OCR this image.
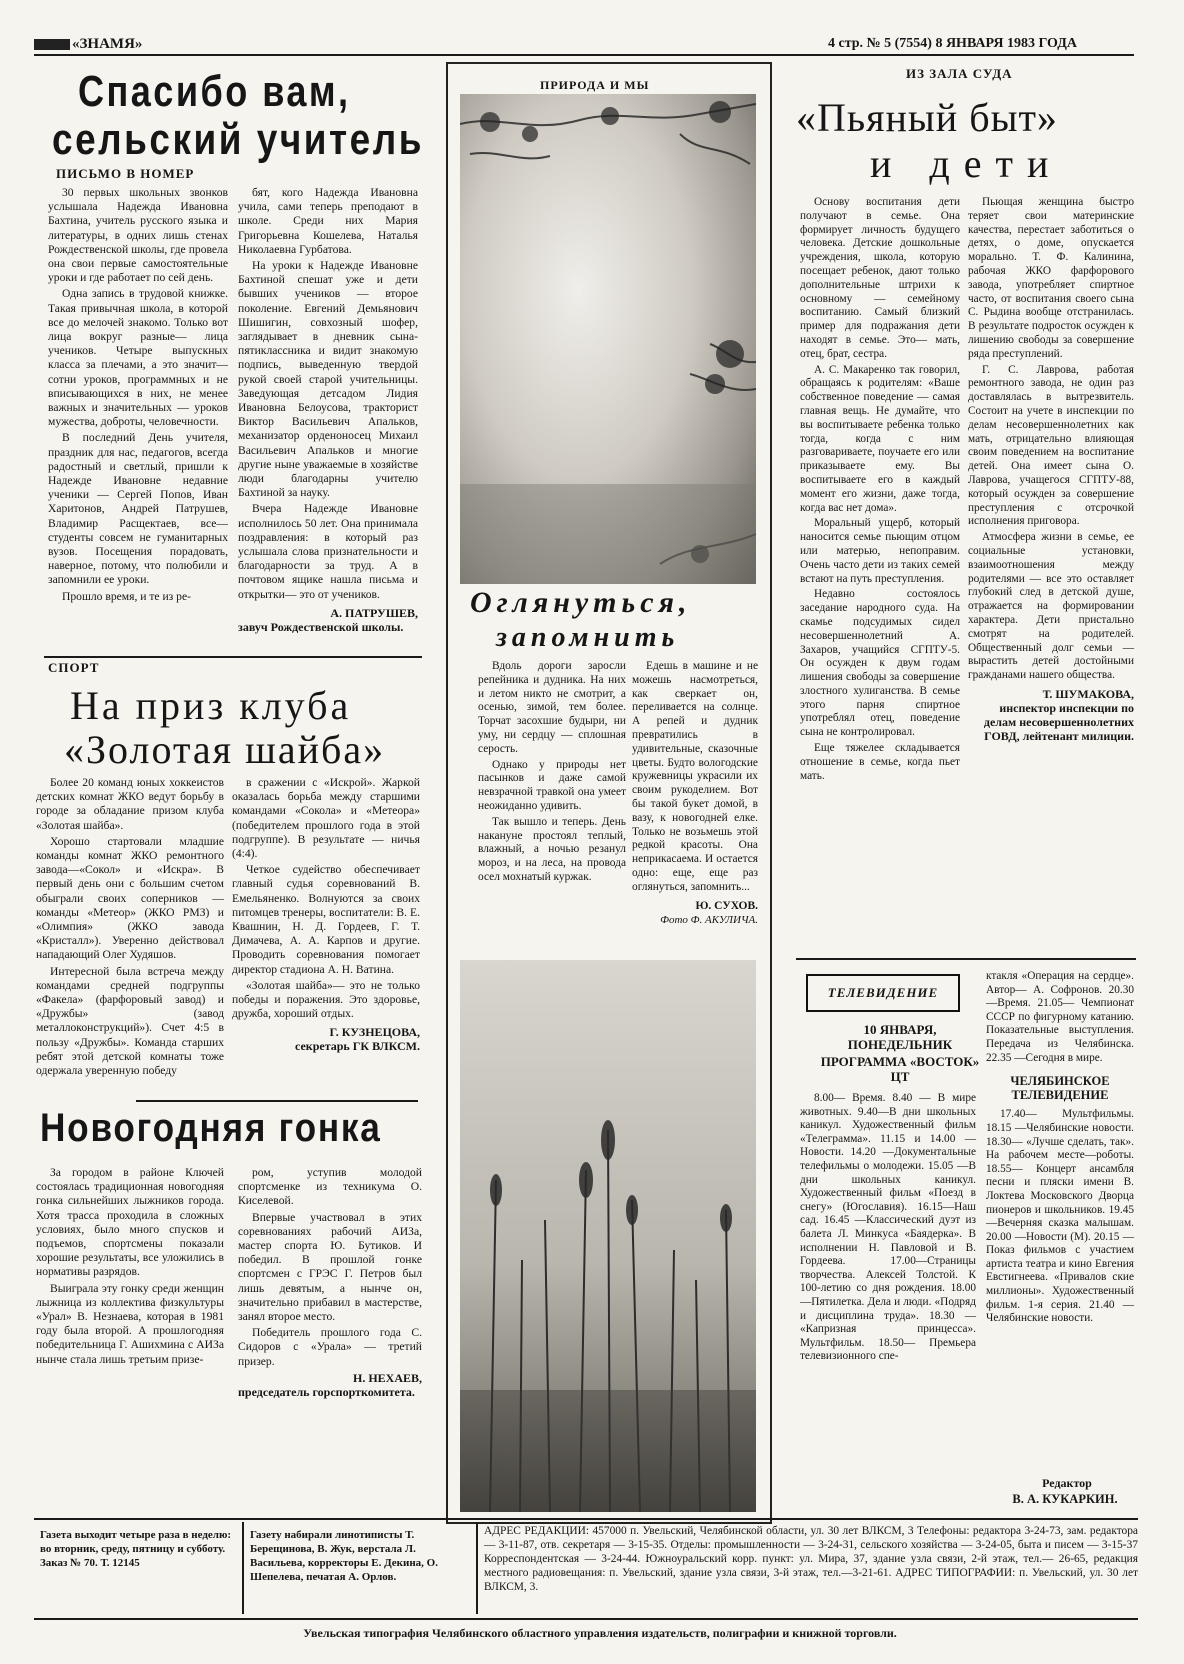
«ЗНАМЯ»	4 стр. № 5 (7554) 8 ЯНВАРЯ 1983 ГОДА
Спасибо вам,
сельский учитель
ПИСЬМО В НОМЕР

30 первых школьных звонков услышала Надежда Ивановна Бахтина, учитель русского языка и литературы, в одних лишь стенах Рождественской школы, где провела она свои первые самостоятельные уроки и где работает по сей день.

Одна запись в трудовой книжке. Такая привычная школа, в которой все до мелочей знакомо. Только вот лица вокруг разные— лица учеников. Четыре выпускных класса за плечами, а это значит— сотни уроков, программных и не вписывающихся в них, не менее важных и значительных — уроков мужества, доброты, человечности.

В последний День учителя, праздник для нас, педагогов, всегда радостный и светлый, пришли к Надежде Ивановне недавние ученики — Сергей Попов, Иван Харитонов, Андрей Патрушев, Владимир Расщектаев, все— студенты совсем не гуманитарных вузов. Посещения порадовать, наверное, потому, что полюбили и запомнили ее уроки.

Прошло время, и те из ре-

бят, кого Надежда Ивановна учила, сами теперь преподают в школе. Среди них Мария Григорьевна Кошелева, Наталья Николаевна Гурбатова.

На уроки к Надежде Ивановне Бахтиной спешат уже и дети бывших учеников — второе поколение. Евгений Демьянович Шишигин, совхозный шофер, заглядывает в дневник сына-пятиклассника и видит знакомую подпись, выведенную твердой рукой своей старой учительницы. Заведующая детсадом Лидия Ивановна Белоусова, тракторист Виктор Васильевич Апальков, механизатор орденоносец Михаил Васильевич Апальков и многие другие ныне уважаемые в хозяйстве люди благодарны учителю Бахтиной за науку.

Вчера Надежде Ивановне исполнилось 50 лет. Она принимала поздравления: в который раз услышала слова признательности и благодарности за труд. А в почтовом ящике нашла письма и открытки— это от учеников.

А. ПАТРУШЕВ,
завуч Рождественской школы.
СПОРТ
На приз клуба
«Золотая шайба»

Более 20 команд юных хоккеистов детских комнат ЖКО ведут борьбу в городе за обладание призом клуба «Золотая шайба».

Хорошо стартовали младшие команды комнат ЖКО ремонтного завода—«Сокол» и «Искра». В первый день они с большим счетом обыграли своих соперников —команды «Метеор» (ЖКО РМЗ) и «Олимпия» (ЖКО завода «Кристалл»). Уверенно действовал нападающий Олег Худяшов.

Интересной была встреча между командами средней подгруппы «Факела» (фарфоровый завод) и «Дружбы» (завод металлоконструкций»). Счет 4:5 в пользу «Дружбы». Команда старших ребят этой детской комнаты тоже одержала уверенную победу

в сражении с «Искрой». Жаркой оказалась борьба между старшими командами «Сокола» и «Метеора» (победителем прошлого года в этой подгруппе). В результате — ничья (4:4).

Четкое судейство обеспечивает главный судья соревнований В. Емельяненко. Волнуются за своих питомцев тренеры, воспитатели: В. Е. Квашнин, Н. Д. Гордеев, Г. Т. Димачева, А. А. Карпов и другие. Проводить соревнования помогает директор стадиона А. Н. Ватина.

«Золотая шайба»— это не только победы и поражения. Это здоровье, дружба, хороший отдых.

Г. КУЗНЕЦОВА,
секретарь ГК ВЛКСМ.
Новогодняя гонка

За городом в районе Ключей состоялась традиционная новогодняя гонка сильнейших лыжников города. Хотя трасса проходила в сложных условиях, было много спусков и подъемов, спортсмены показали хорошие результаты, все уложились в нормативы разрядов.

Выиграла эту гонку среди женщин лыжница из коллектива физкультуры «Урал» В. Незнаева, которая в 1981 году была второй. А прошлогодняя победительница Г. Ашихмина с АИЗа нынче стала лишь третьим призе-

ром, уступив молодой спортсменке из техникума О. Киселевой.

Впервые участвовал в этих соревнованиях рабочий АИЗа, мастер спорта Ю. Бутиков. И победил. В прошлой гонке спортсмен с ГРЭС Г. Петров был лишь девятым, а нынче он, значительно прибавил в мастерстве, занял второе место.

Победитель прошлого года С. Сидоров с «Урала» — третий призер.

Н. НЕХАЕВ,
председатель горспорткомитета.
ПРИРОДА И МЫ
Оглянуться,
запомнить

Вдоль дороги заросли репейника и дудника. На них и летом никто не смотрит, а осенью, зимой, тем более. Торчат засохшие будыри, ни уму, ни сердцу — сплошная серость.

Однако у природы нет пасынков и даже самой невзрачной травкой она умеет неожиданно удивить.

Так вышло и теперь. День накануне простоял теплый, влажный, а ночью резанул мороз, и на леса, на провода осел мохнатый куржак.

Едешь в машине и не можешь насмотреться, как сверкает он, переливается на солнце. А репей и дудник превратились в удивительные, сказочные цветы. Будто вологодские кружевницы украсили их своим рукоделием. Вот бы такой букет домой, в вазу, к новогодней елке. Только не возьмешь этой редкой красоты. Она неприкасаема. И остается одно: еще, еще раз оглянуться, запомнить...

Ю. СУХОВ.
Фото Ф. АКУЛИЧА.
ИЗ ЗАЛА СУДА
«Пьяный быт»
и дети

Основу воспитания дети получают в семье. Она формирует личность будущего человека. Детские дошкольные учреждения, школа, которую посещает ребенок, дают только дополнительные штрихи к основному — семейному воспитанию. Самый близкий пример для подражания дети находят в семье. Это— мать, отец, брат, сестра.

А. С. Макаренко так говорил, обращаясь к родителям: «Ваше собственное поведение — самая главная вещь. Не думайте, что вы воспитываете ребенка только тогда, когда с ним разговариваете, поучаете его или приказываете ему. Вы воспитываете его в каждый момент его жизни, даже тогда, когда вас нет дома».

Моральный ущерб, который наносится семье пьющим отцом или матерью, непоправим. Очень часто дети из таких семей встают на путь преступления.

Недавно состоялось заседание народного суда. На скамье подсудимых сидел несовершеннолетний А. Захаров, учащийся СГПТУ-5. Он осужден к двум годам лишения свободы за совершение злостного хулиганства. В семье этого парня спиртное употреблял отец, поведение сына не контролировал.

Еще тяжелее складывается отношение в семье, когда пьет мать.

Пьющая женщина быстро теряет свои материнские качества, перестает заботиться о детях, о доме, опускается морально. Т. Ф. Калинина, рабочая ЖКО фарфорового завода, употребляет спиртное часто, от воспитания своего сына С. Рыдина вообще отстранилась. В результате подросток осужден к лишению свободы за совершение ряда преступлений.

Г. С. Лаврова, работая ремонтного завода, не один раз доставлялась в вытрезвитель. Состоит на учете в инспекции по делам несовершеннолетних как мать, отрицательно влияющая своим поведением на воспитание детей. Она имеет сына О. Лаврова, учащегося СГПТУ-88, который осужден за совершение преступления с отсрочкой исполнения приговора.

Атмосфера жизни в семье, ее социальные установки, взаимоотношения между родителями — все это оставляет глубокий след в детской душе, отражается на формировании характера. Дети пристально смотрят на родителей. Общественный долг семьи — вырастить детей достойными гражданами нашего общества.

Т. ШУМАКОВА,
инспектор инспекции по делам несовершеннолетних ГОВД, лейтенант милиции.
ТЕЛЕВИДЕНИЕ
10 ЯНВАРЯ, ПОНЕДЕЛЬНИК
ПРОГРАММА «ВОСТОК» ЦТ

8.00— Время. 8.40 — В мире животных. 9.40—В дни школьных каникул. Художественный фильм «Телеграмма». 11.15 и 14.00 — Новости. 14.20 —Документальные телефильмы о молодежи. 15.05 —В дни школьных каникул. Художественный фильм «Поезд в снегу» (Югославия). 16.15—Наш сад. 16.45 —Классический дуэт из балета Л. Минкуса «Баядерка». В исполнении Н. Павловой и В. Гордеева. 17.00—Страницы творчества. Алексей Толстой. К 100-летию со дня рождения. 18.00—Пятилетка. Дела и люди. «Подряд и дисциплина труда». 18.30 — «Капризная принцесса». Мультфильм. 18.50— Премьера телевизионного спе-

ктакля «Операция на сердце». Автор— А. Софронов. 20.30—Время. 21.05— Чемпионат СССР по фигурному катанию. Показательные выступления. Передача из Челябинска. 22.35 —Сегодня в мире.

ЧЕЛЯБИНСКОЕ ТЕЛЕВИДЕНИЕ

17.40— Мультфильмы. 18.15 —Челябинские новости. 18.30— «Лучше сделать, так». На рабочем месте—роботы. 18.55— Концерт ансамбля песни и пляски имени В. Локтева Московского Дворца пионеров и школьников. 19.45 —Вечерняя сказка малышам. 20.00 —Новости (М). 20.15 —Показ фильмов с участием артиста театра и кино Евгения Евстигнеева. «Привалов ские миллионы». Художественный фильм. 1-я серия. 21.40 —Челябинские новости.

Редактор
В. А. КУКАРКИН.
Газета выходит четыре раза в неделю: во вторник, среду, пятницу и субботу. Заказ № 70. Т. 12145
Газету набирали линотиписты Т. Берещинова, В. Жук, верстала Л. Васильева, корректоры Е. Декина, О. Шепелева, печатая А. Орлов.
АДРЕС РЕДАКЦИИ: 457000 п. Увельский, Челябинской области, ул. 30 лет ВЛКСМ, 3 Телефоны: редактора 3-24-73, зам. редактора — 3-11-87, отв. секретаря — 3-15-35. Отделы: промышленности — 3-24-31, сельского хозяйства — 3-24-05, быта и писем — 3-15-37 Корреспондентская — 3-24-44. Южноуральский корр. пункт: ул. Мира, 37, здание узла связи, 2-й этаж, тел.— 26-65, редакция местного радиовещания: п. Увельский, здание узла связи, 3-й этаж, тел.—3-21-61. АДРЕС ТИПОГРАФИИ: п. Увельский, ул. 30 лет ВЛКСМ, 3.
Увельская типография Челябинского областного управления издательств, полиграфии и книжной торговли.
